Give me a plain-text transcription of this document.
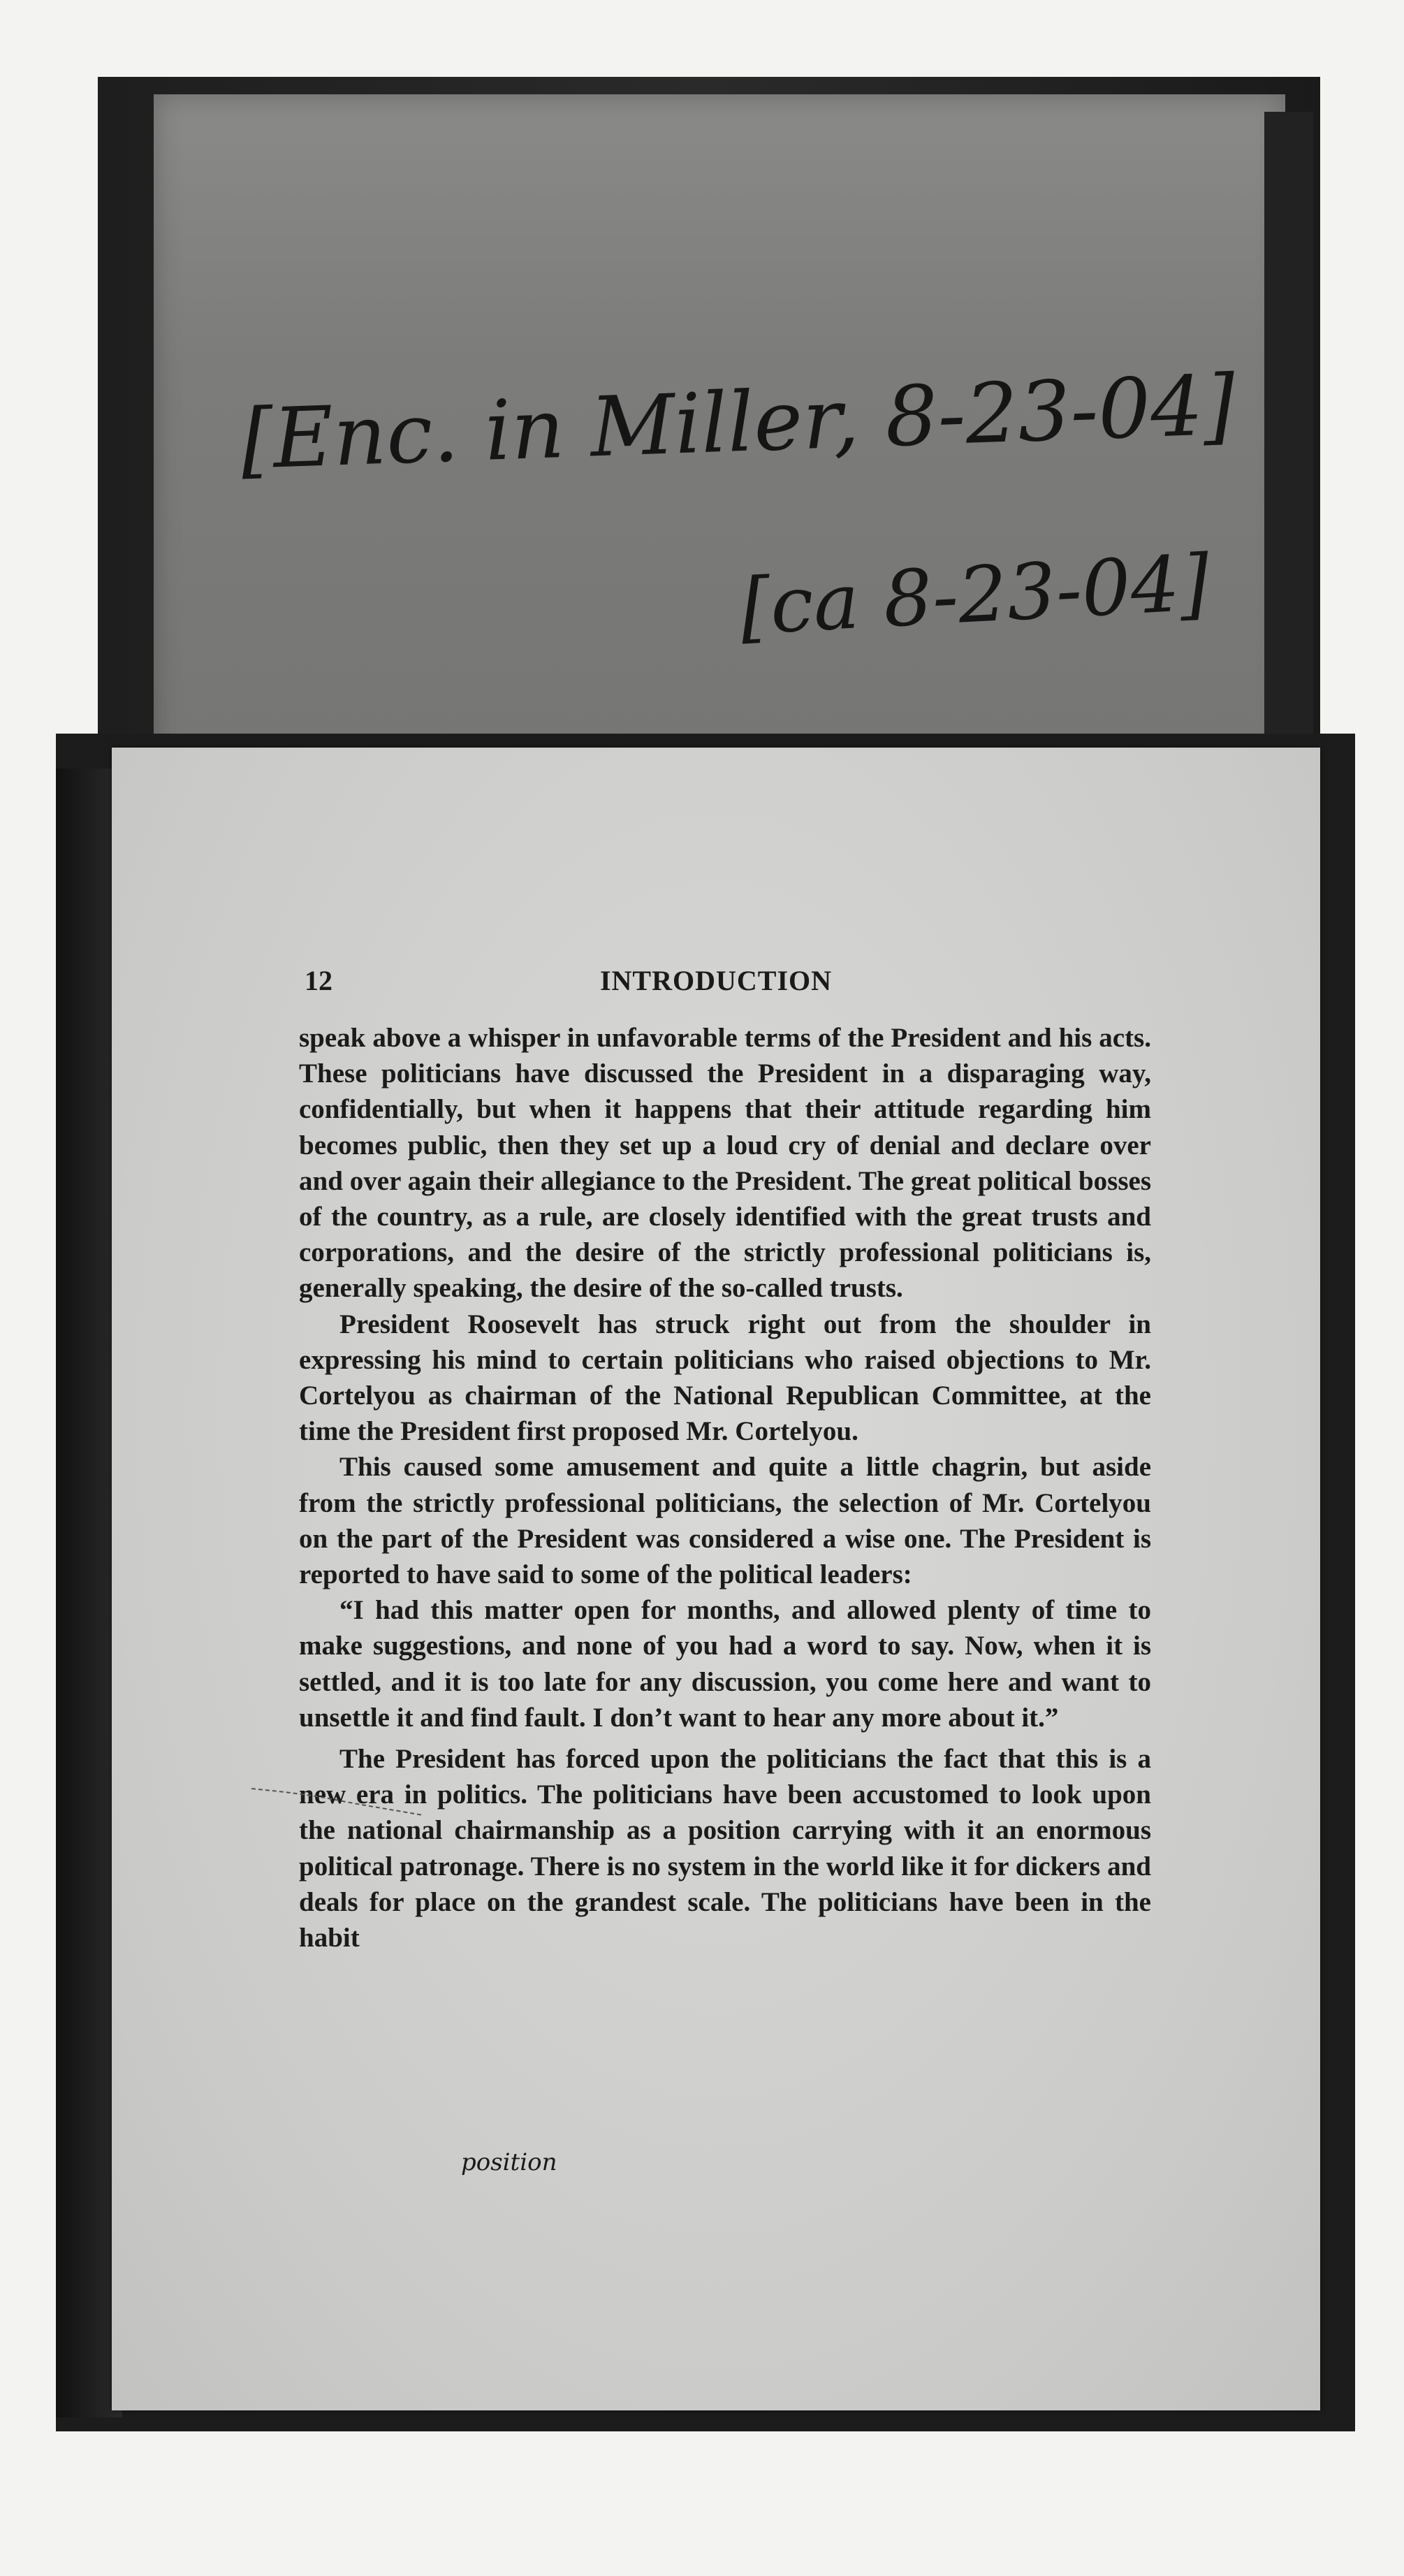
[Enc. in Miller, 8-23-04]
[ca 8-23-04]
12	INTRODUCTION

speak above a whisper in unfavorable terms of the President and his acts. These politicians have discussed the President in a disparaging way, confidentially, but when it happens that their attitude regarding him becomes public, then they set up a loud cry of denial and declare over and over again their allegiance to the President. The great political bosses of the country, as a rule, are closely identified with the great trusts and corporations, and the desire of the strictly professional politicians is, generally speaking, the desire of the so-called trusts.

President Roosevelt has struck right out from the shoulder in expressing his mind to certain politicians who raised objections to Mr. Cortelyou as chairman of the National Republican Committee, at the time the President first proposed Mr. Cortelyou.

This caused some amusement and quite a little chagrin, but aside from the strictly professional politicians, the selection of Mr. Cortelyou on the part of the President was considered a wise one. The President is reported to have said to some of the political leaders:

“I had this matter open for months, and allowed plenty of time to make suggestions, and none of you had a word to say. Now, when it is settled, and it is too late for any discussion, you come here and want to unsettle it and find fault. I don’t want to hear any more about it.”

The President has forced upon the politicians the fact that this is a new era in politics. The politicians have been accustomed to look upon the national chairmanship as a position carrying with it an enormous political patronage. There is no system in the world like it for dickers and deals for place on the grandest scale. The politicians have been in the habit

position
